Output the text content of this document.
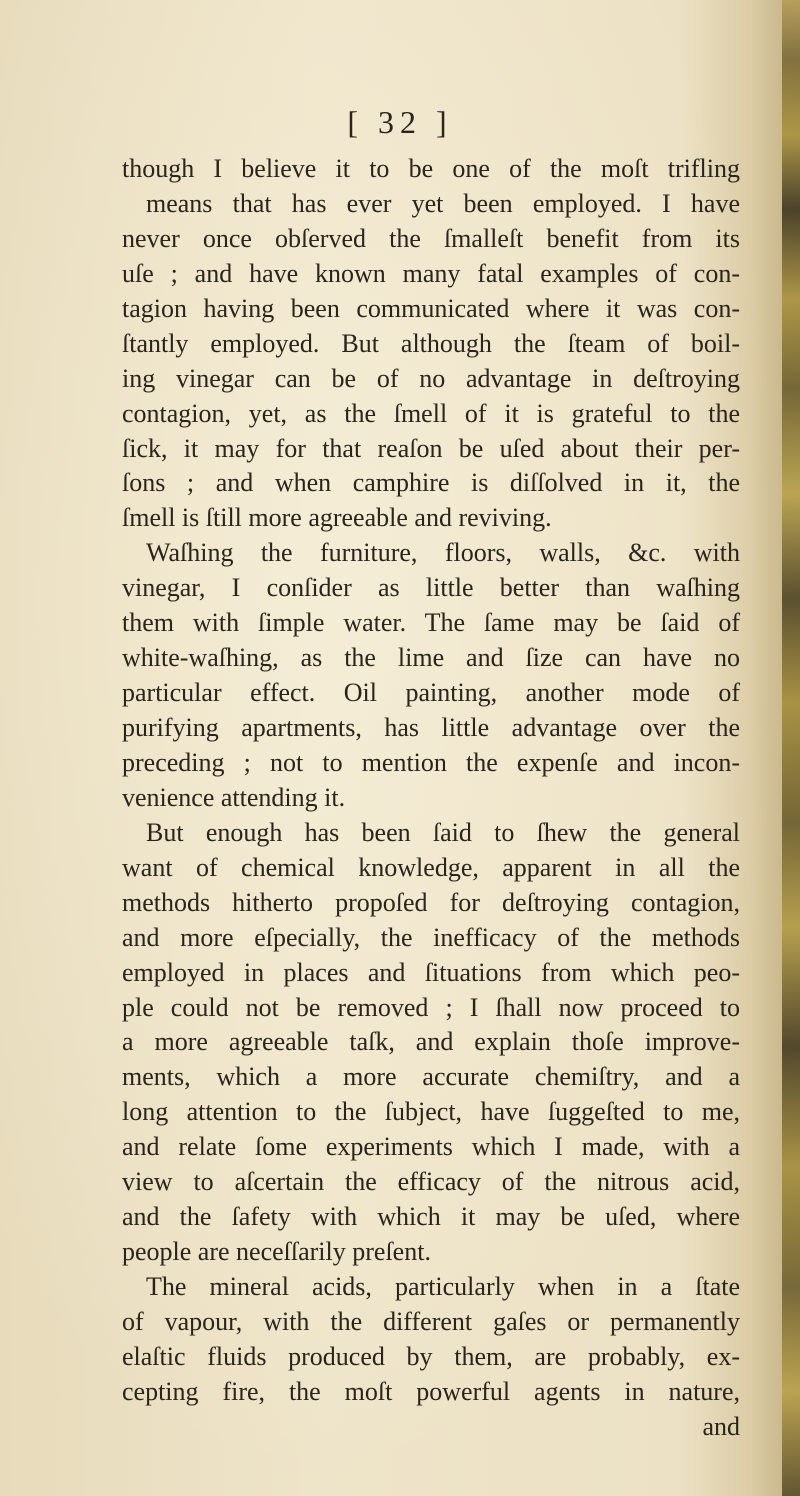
[ 32 ]
though I believe it to be one of the moſt trifling
means that has ever yet been employed. I have
never once obſerved the ſmalleſt benefit from its
uſe ; and have known many fatal examples of con-
tagion having been communicated where it was con-
ſtantly employed. But although the ſteam of boil-
ing vinegar can be of no advantage in deſtroying
contagion, yet, as the ſmell of it is grateful to the
ſick, it may for that reaſon be uſed about their per-
ſons ; and when camphire is diſſolved in it, the
ſmell is ſtill more agreeable and reviving.
Waſhing the furniture, floors, walls, &c. with
vinegar, I conſider as little better than waſhing
them with ſimple water. The ſame may be ſaid of
white-waſhing, as the lime and ſize can have no
particular effect. Oil painting, another mode of
purifying apartments, has little advantage over the
preceding ; not to mention the expenſe and incon-
venience attending it.
But enough has been ſaid to ſhew the general
want of chemical knowledge, apparent in all the
methods hitherto propoſed for deſtroying contagion,
and more eſpecially, the inefficacy of the methods
employed in places and ſituations from which peo-
ple could not be removed ; I ſhall now proceed to
a more agreeable taſk, and explain thoſe improve-
ments, which a more accurate chemiſtry, and a
long attention to the ſubject, have ſuggeſted to me,
and relate ſome experiments which I made, with a
view to aſcertain the efficacy of the nitrous acid,
and the ſafety with which it may be uſed, where
people are neceſſarily preſent.
The mineral acids, particularly when in a ſtate
of vapour, with the different gaſes or permanently
elaſtic fluids produced by them, are probably, ex-
cepting fire, the moſt powerful agents in nature,
and
